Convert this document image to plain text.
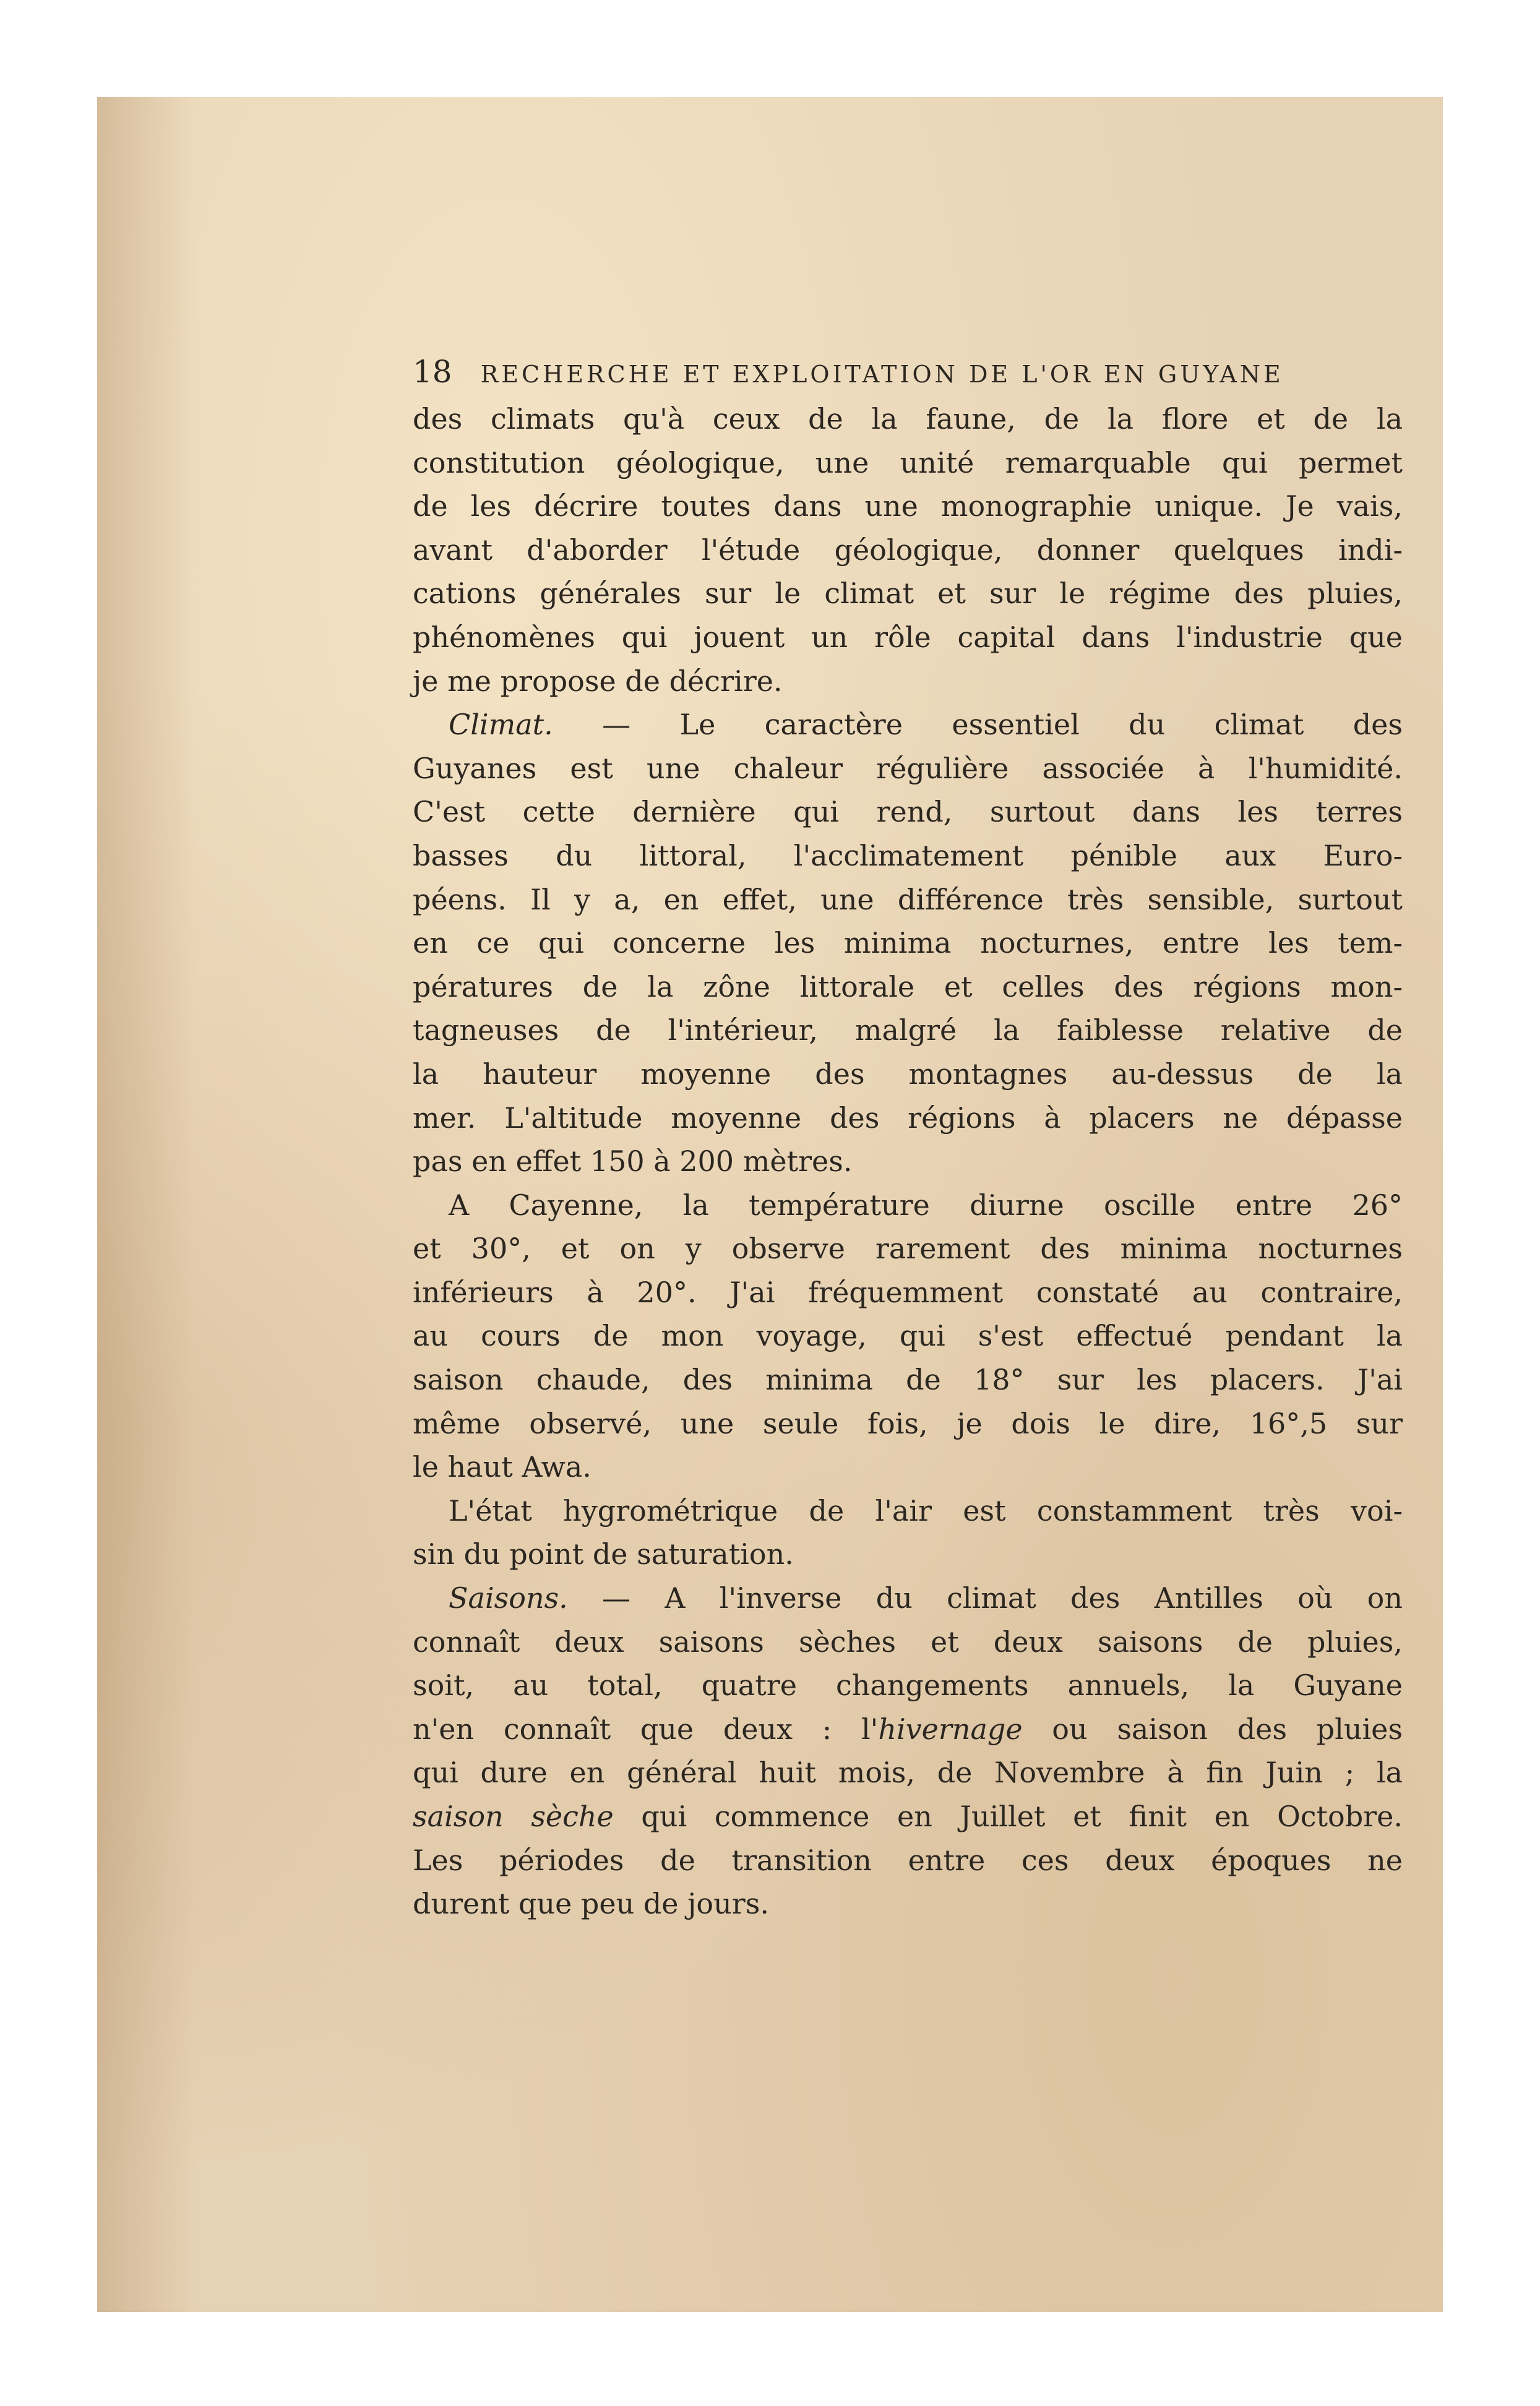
18 RECHERCHE ET EXPLOITATION DE L'OR EN GUYANE

des climats qu'à ceux de la faune, de la flore et de la
constitution géologique, une unité remarquable qui permet
de les décrire toutes dans une monographie unique. Je vais,
avant d'aborder l'étude géologique, donner quelques indi-
cations générales sur le climat et sur le régime des pluies,
phénomènes qui jouent un rôle capital dans l'industrie que
je me propose de décrire.

Climat. — Le caractère essentiel du climat des
Guyanes est une chaleur régulière associée à l'humidité.
C'est cette dernière qui rend, surtout dans les terres
basses du littoral, l'acclimatement pénible aux Euro-
péens. Il y a, en effet, une différence très sensible, surtout
en ce qui concerne les minima nocturnes, entre les tem-
pératures de la zône littorale et celles des régions mon-
tagneuses de l'intérieur, malgré la faiblesse relative de
la hauteur moyenne des montagnes au-dessus de la
mer. L'altitude moyenne des régions à placers ne dépasse
pas en effet 150 à 200 mètres.

A Cayenne, la température diurne oscille entre 26°
et 30°, et on y observe rarement des minima nocturnes
inférieurs à 20°. J'ai fréquemment constaté au contraire,
au cours de mon voyage, qui s'est effectué pendant la
saison chaude, des minima de 18° sur les placers. J'ai
même observé, une seule fois, je dois le dire, 16°,5 sur
le haut Awa.

L'état hygrométrique de l'air est constamment très voi-
sin du point de saturation.

Saisons. — A l'inverse du climat des Antilles où on
connaît deux saisons sèches et deux saisons de pluies,
soit, au total, quatre changements annuels, la Guyane
n'en connaît que deux : l'hivernage ou saison des pluies
qui dure en général huit mois, de Novembre à fin Juin ; la
saison sèche qui commence en Juillet et finit en Octobre.
Les périodes de transition entre ces deux époques ne
durent que peu de jours.
